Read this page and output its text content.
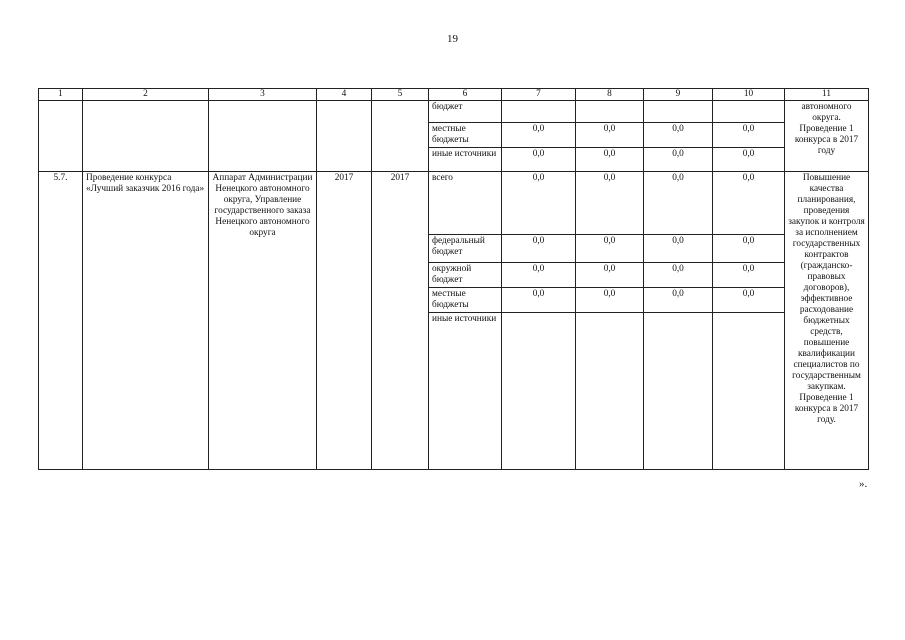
19
1	2	3	4	5	6	7	8	9	10	11
					бюджет					автономного округа. Проведение 1 конкурса в 2017 году
					местные бюджеты	0,0	0,0	0,0	0,0	
					иные источники	0,0	0,0	0,0	0,0	
5.7.	Проведение конкурса «Лучший заказчик 2016 года»	Аппарат Администрации Ненецкого автономного округа, Управление государственного заказа Ненецкого автономного округа	2017	2017	всего	0,0	0,0	0,0	0,0	Повышение качества планирования, проведения закупок и контроля за исполнением государственных контрактов (гражданско-правовых договоров), эффективное расходование бюджетных средств, повышение квалификации специалистов по государственным закупкам. Проведение 1 конкурса в 2017 году.
					федеральный бюджет	0,0	0,0	0,0	0,0	
					окружной бюджет	0,0	0,0	0,0	0,0	
					местные бюджеты	0,0	0,0	0,0	0,0	
					иные источники					
».
